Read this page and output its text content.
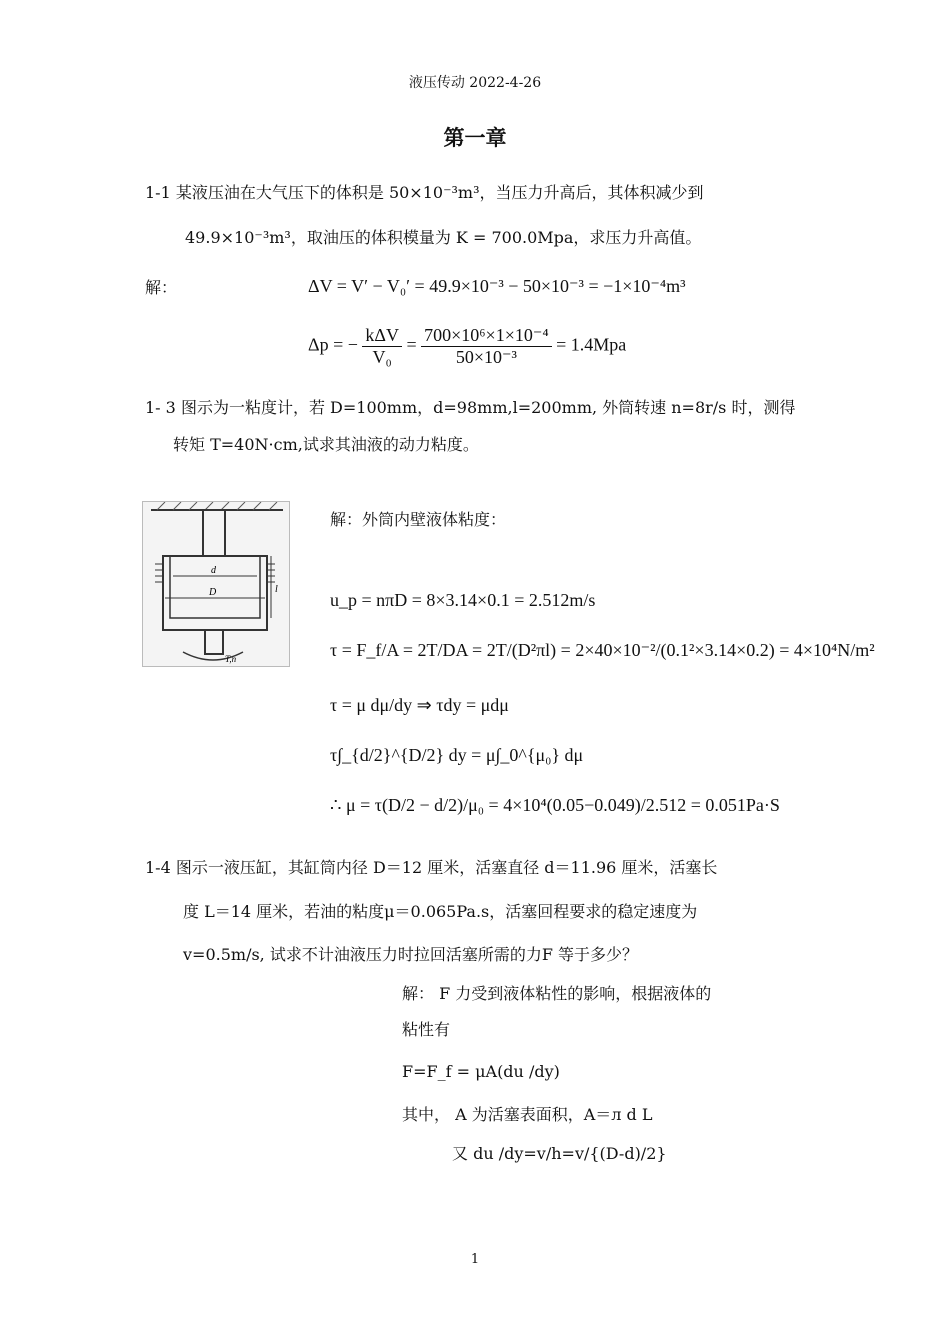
液压传动 2022-4-26
第一章
1-1 某液压油在大气压下的体积是 50×10⁻³m³，当压力升高后，其体积减少到
49.9×10⁻³m³，取油压的体积模量为 K = 700.0Mpa，求压力升高值。
解：	ΔV = V′ − V₀′ = 49.9×10⁻³ − 50×10⁻³ = −1×10⁻⁴m³
Δp = − $\frac{\text{kΔV}}{\text{V₀}} = \frac{\text{700×10⁶×1×10⁻⁴}}{\text{50×10⁻³}} = 1.4Mpa$
1- 3 图示为一粘度计，若 D=100mm，d=98mm,l=200mm, 外筒转速 n=8r/s 时，测得
转矩 T=40N·cm,试求其油液的动力粘度。
d
D	l
T,n
解：外筒内壁液体粘度：
u_p = nπD = 8×3.14×0.1 = 2.512m/s
τ = F_f/A = 2T/DA = 2T/(D²πl) = 2×40×10⁻²/(0.1²×3.14×0.2) = 4×10⁴N/m²
τ = μ dμ/dy ⇒ τdy = μdμ
τ∫_{d/2}^{D/2} dy = μ∫_0^{μ₀} dμ
∴ μ = τ(D/2 − d/2)/μ₀ = 4×10⁴(0.05−0.049)/2.512 = 0.051Pa·S
1-4 图示一液压缸，其缸筒内径 D＝12 厘米，活塞直径 d＝11.96 厘米，活塞长
度 L＝14 厘米，若油的粘度μ＝0.065Pa.s，活塞回程要求的稳定速度为
v=0.5m/s, 试求不计油液压力时拉回活塞所需的力F 等于多少？
解： F 力受到液体粘性的影响，根据液体的
粘性有
F=F_f = μA(du /dy)
其中， A 为活塞表面积，A＝л d L
又 du /dy=v/h=v/{(D-d)/2}
1
